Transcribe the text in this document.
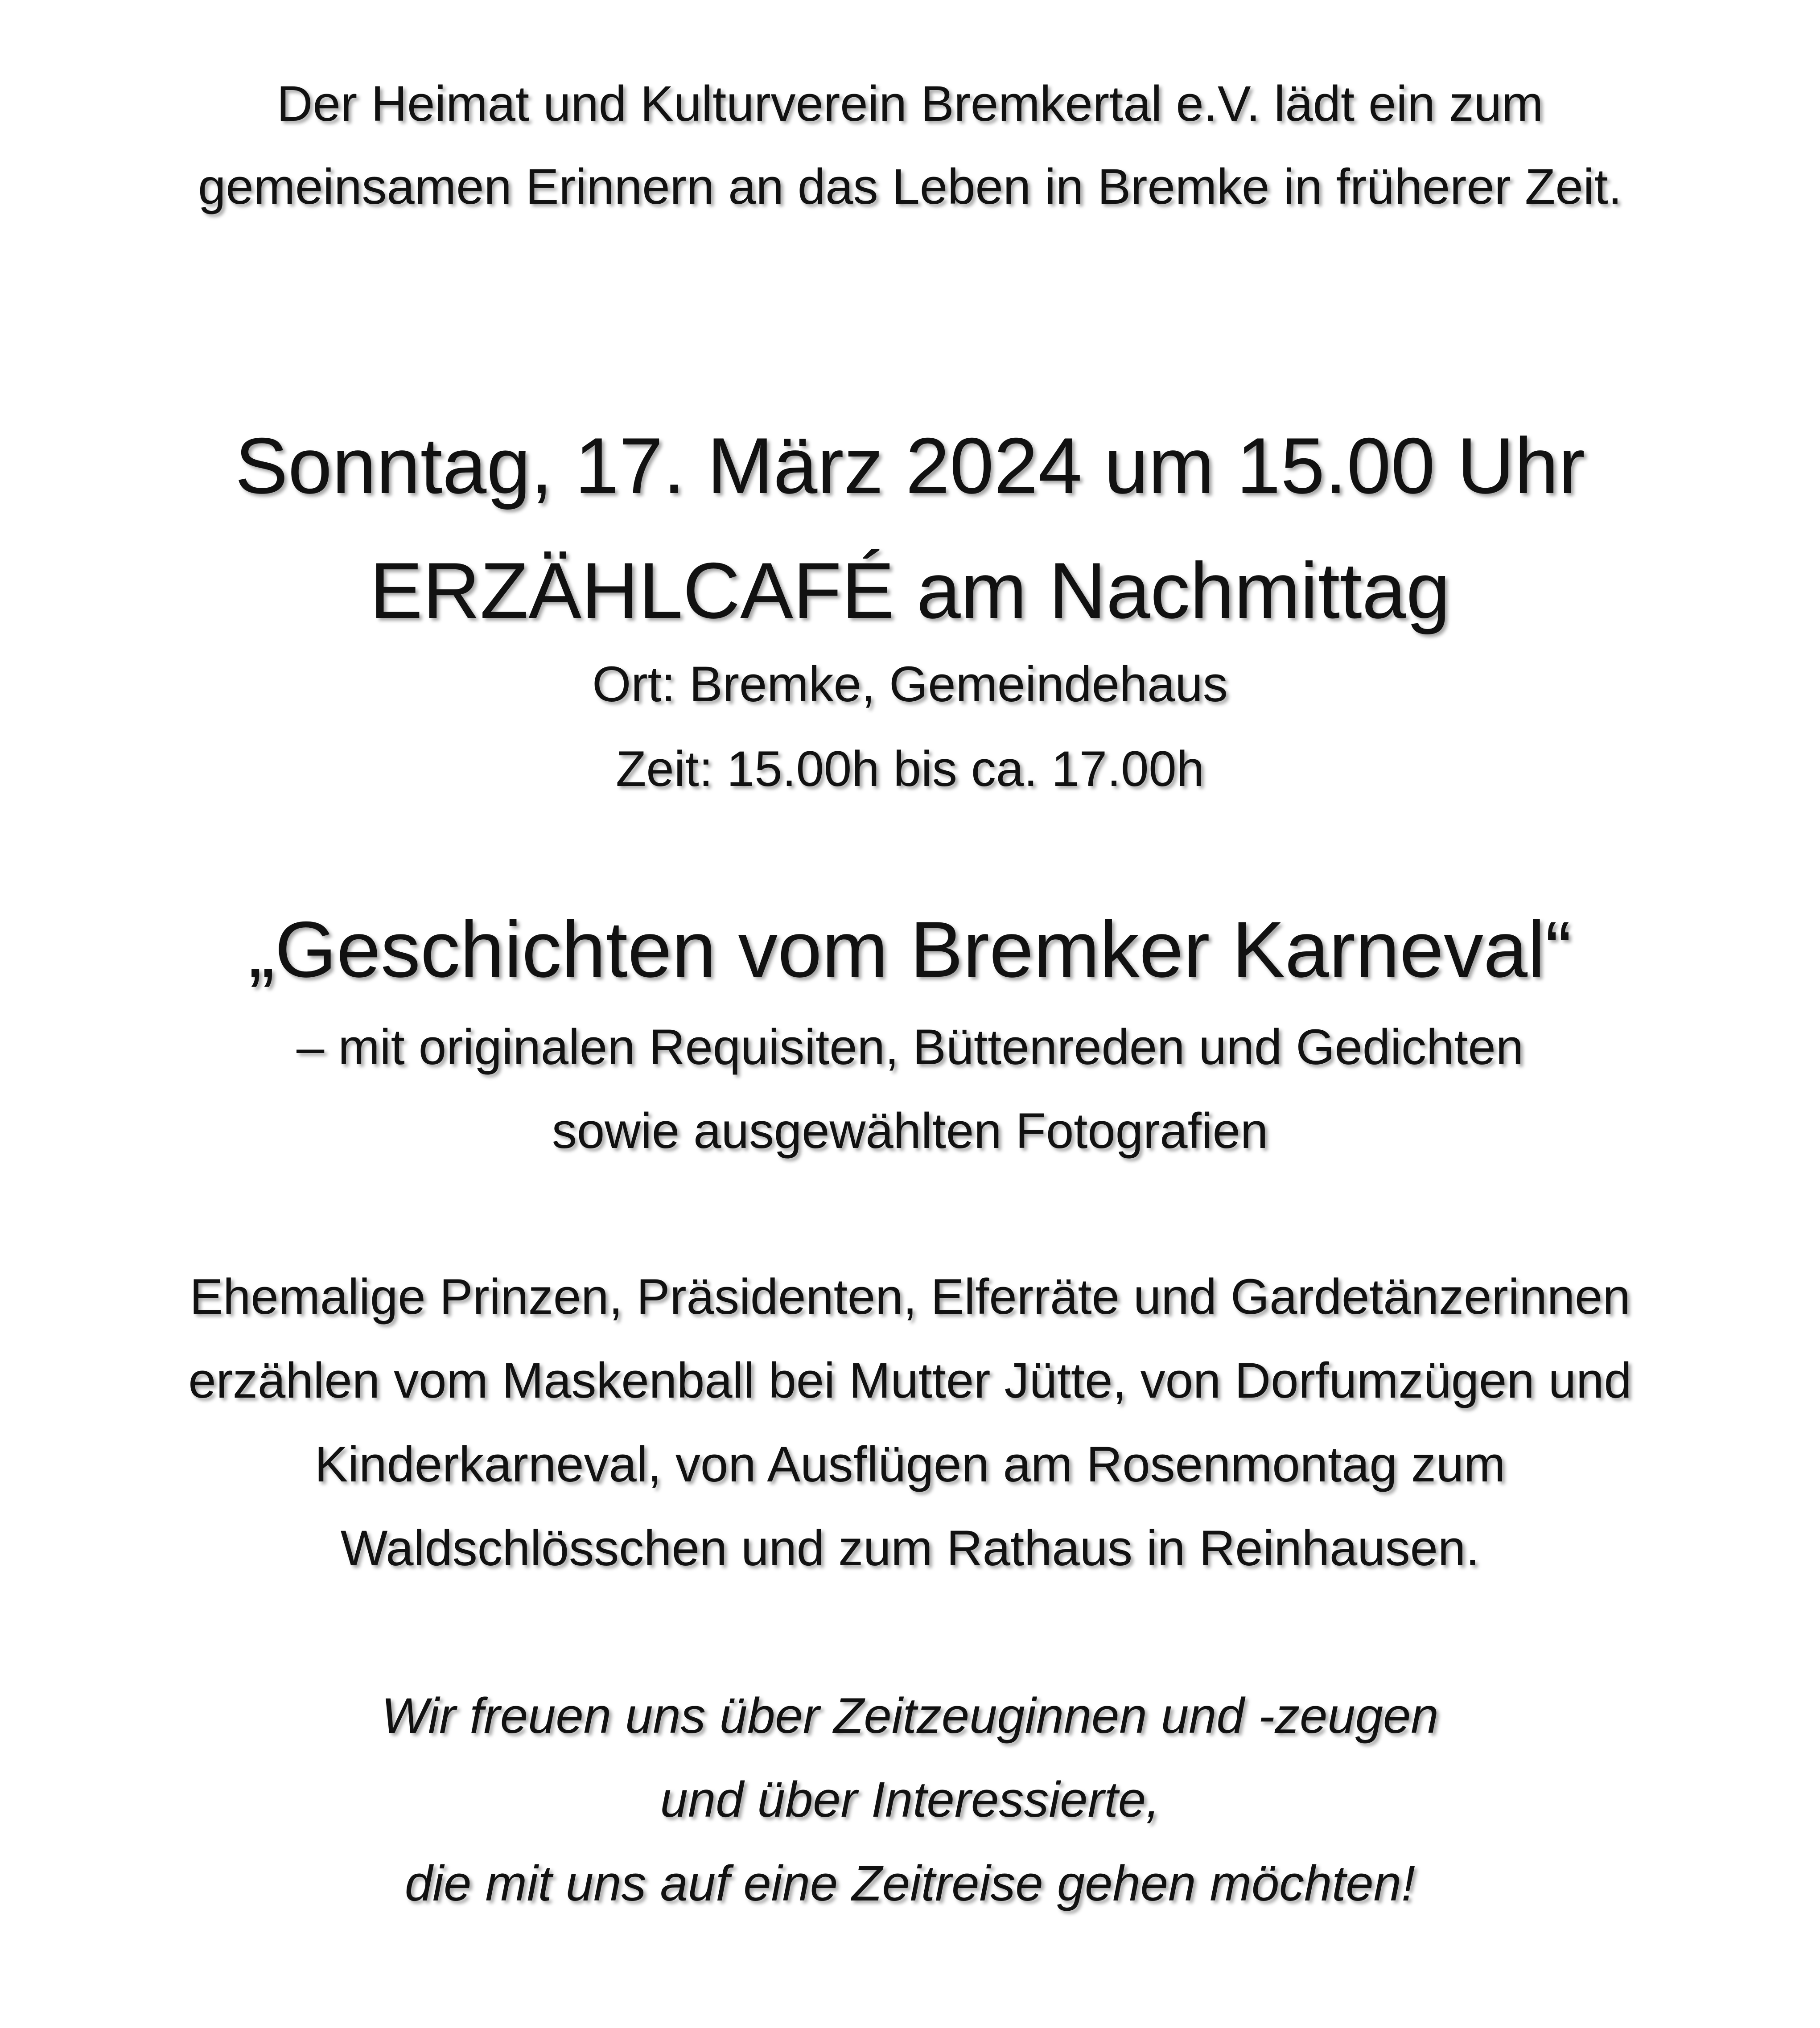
Der Heimat und Kulturverein Bremkertal e.V. lädt ein zum
gemeinsamen Erinnern an das Leben in Bremke in früherer Zeit.
Sonntag, 17. März 2024 um 15.00 Uhr
ERZÄHLCAFÉ am Nachmittag
Ort: Bremke, Gemeindehaus
Zeit: 15.00h bis ca. 17.00h
„Geschichten vom Bremker Karneval“
– mit originalen Requisiten, Büttenreden und Gedichten
sowie ausgewählten Fotografien
Ehemalige Prinzen, Präsidenten, Elferräte und Gardetänzerinnen
erzählen vom Maskenball bei Mutter Jütte, von Dorfumzügen und
Kinderkarneval, von Ausflügen am Rosenmontag zum
Waldschlösschen und zum Rathaus in Reinhausen.
Wir freuen uns über Zeitzeuginnen und -zeugen
und über Interessierte,
die mit uns auf eine Zeitreise gehen möchten!
